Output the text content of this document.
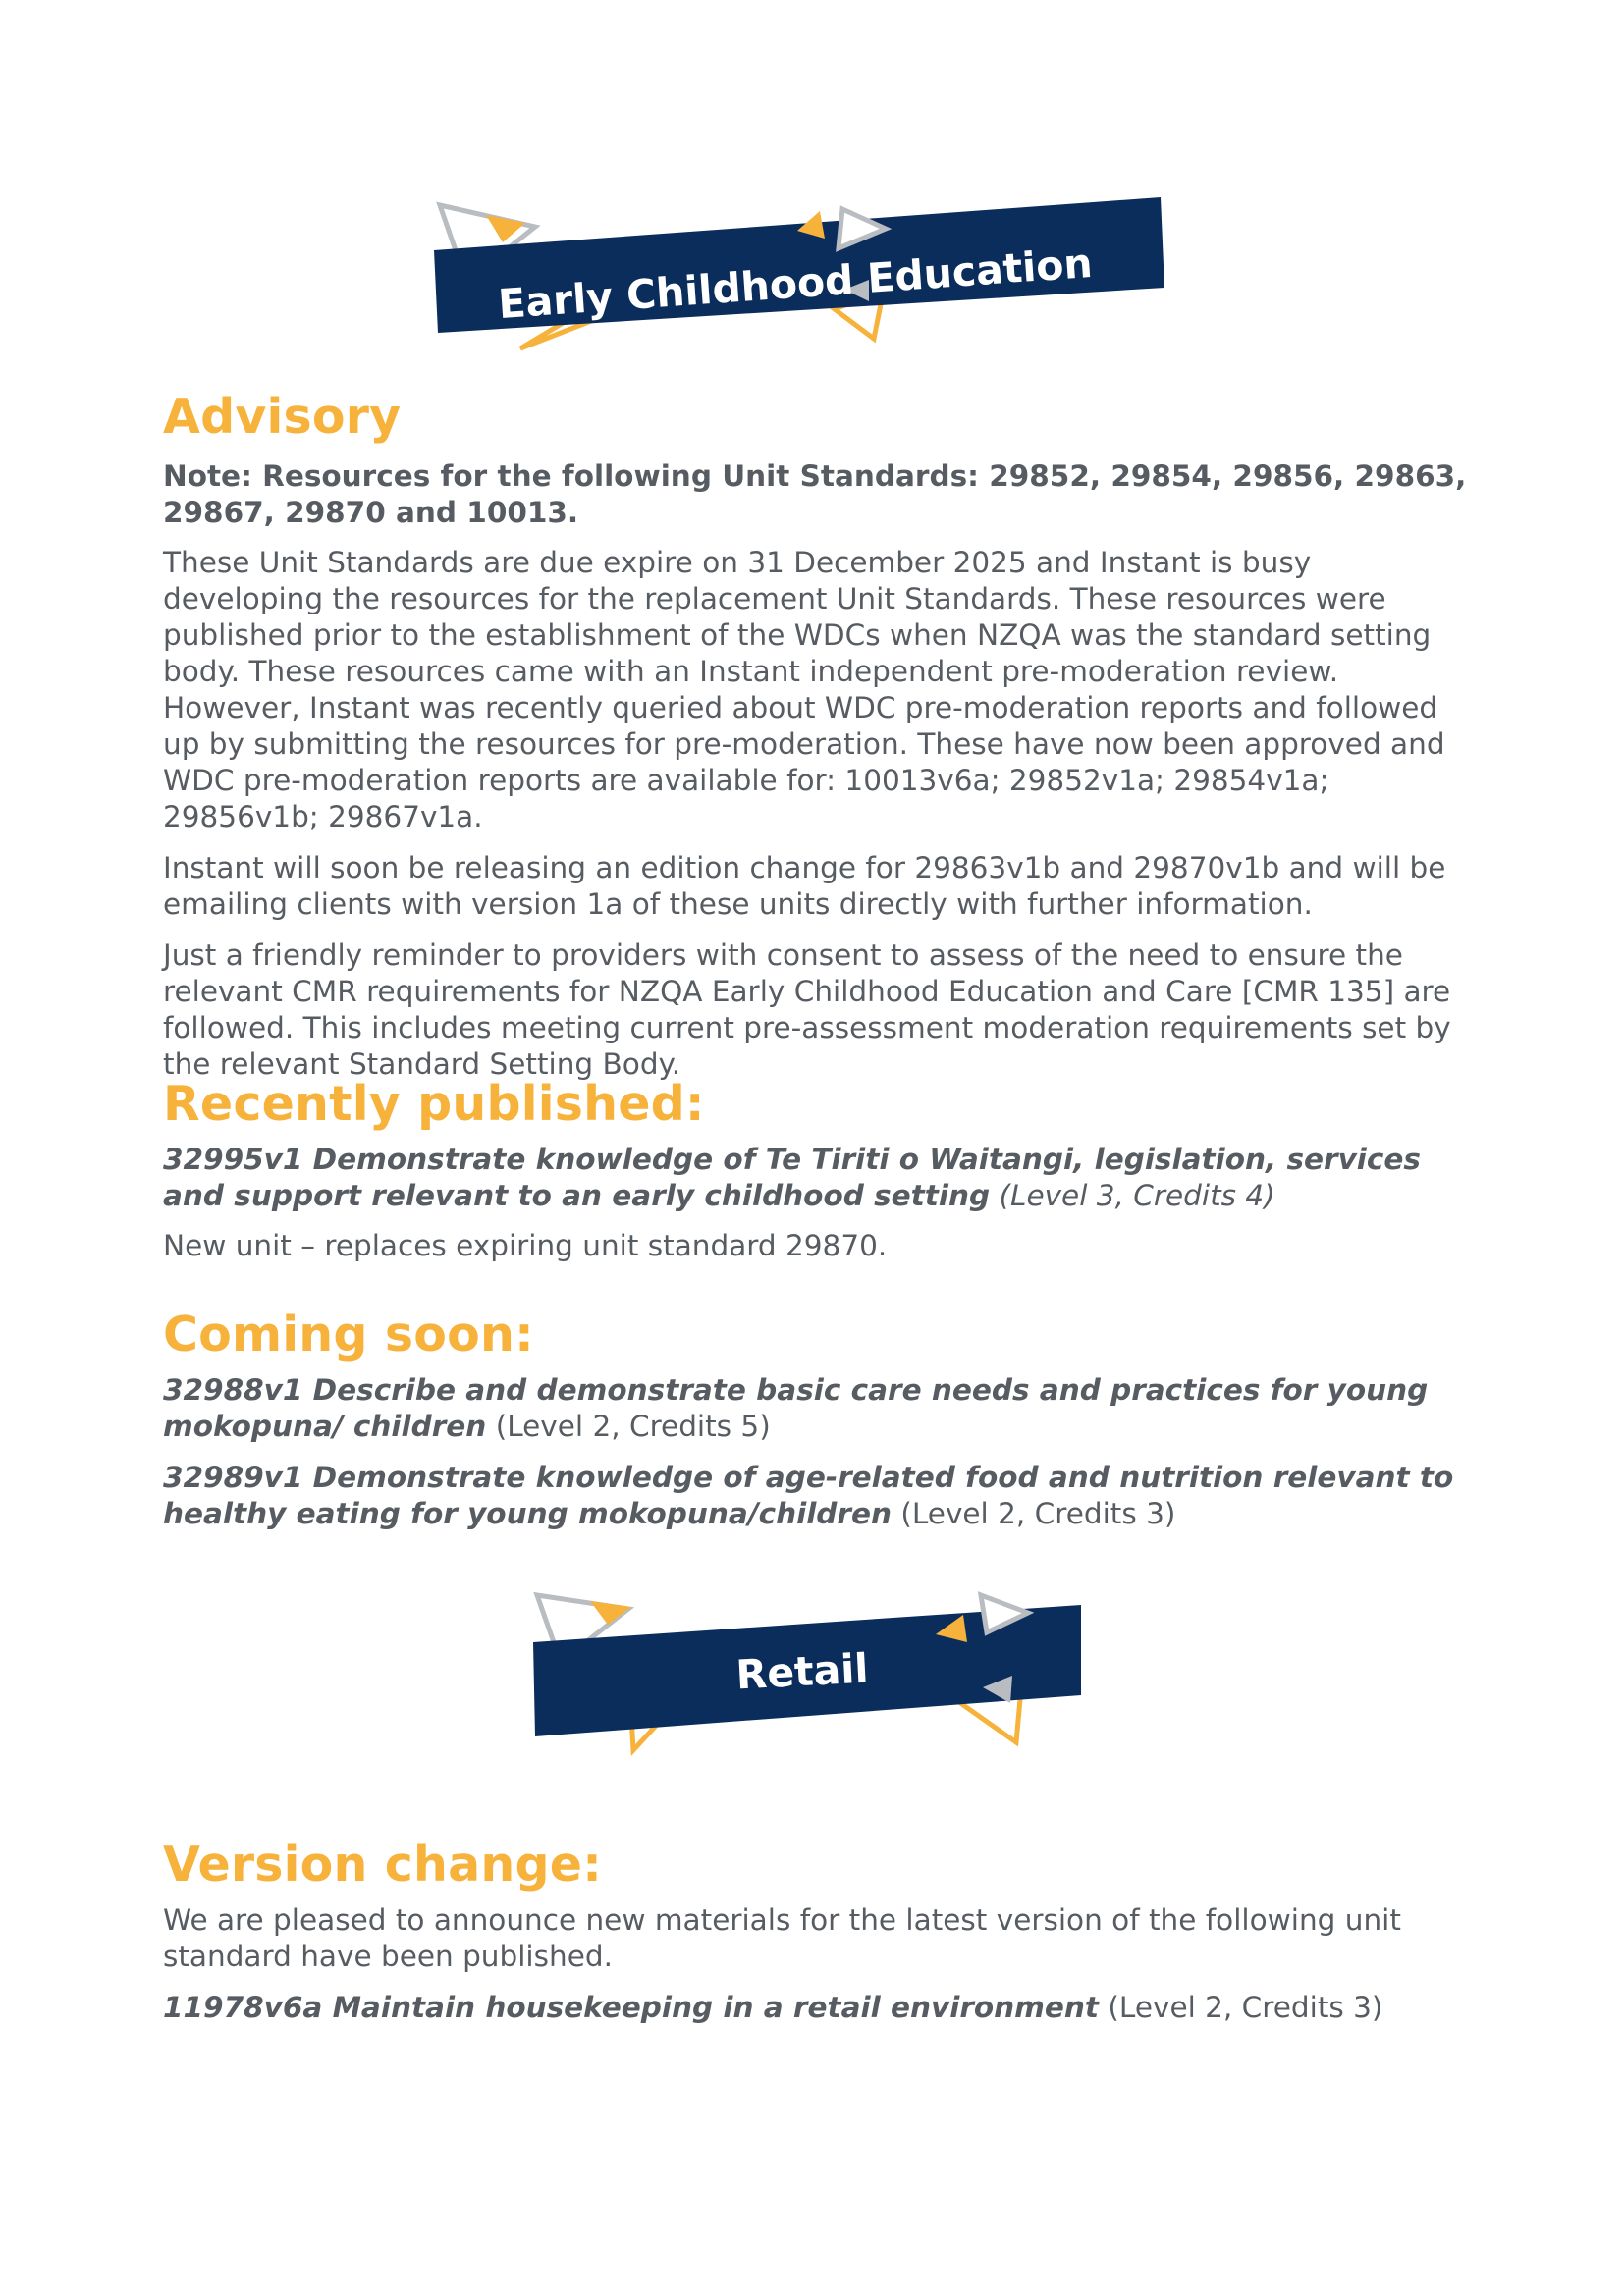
Early Childhood Education
Advisory
Note: Resources for the following Unit Standards: 29852, 29854, 29856, 29863, 29867, 29870 and 10013.

These Unit Standards are due expire on 31 December 2025 and Instant is busy developing the resources for the replacement Unit Standards. These resources were published prior to the establishment of the WDCs when NZQA was the standard setting body. These resources came with an Instant independent pre-moderation review. However, Instant was recently queried about WDC pre-moderation reports and followed up by submitting the resources for pre-moderation. These have now been approved and WDC pre-moderation reports are available for: 10013v6a; 29852v1a; 29854v1a; 29856v1b; 29867v1a.

Instant will soon be releasing an edition change for 29863v1b and 29870v1b and will be emailing clients with version 1a of these units directly with further information.

Just a friendly reminder to providers with consent to assess of the need to ensure the relevant CMR requirements for NZQA Early Childhood Education and Care [CMR 135] are followed. This includes meeting current pre-assessment moderation requirements set by the relevant Standard Setting Body.

Recently published:

32995v1 Demonstrate knowledge of Te Tiriti o Waitangi, legislation, services and support relevant to an early childhood setting (Level 3, Credits 4)

New unit – replaces expiring unit standard 29870.

Coming soon:

32988v1 Describe and demonstrate basic care needs and practices for young mokopuna/ children (Level 2, Credits 5)

32989v1 Demonstrate knowledge of age-related food and nutrition relevant to healthy eating for young mokopuna/children (Level 2, Credits 3)

Retail
Version change:

We are pleased to announce new materials for the latest version of the following unit standard have been published.

11978v6a Maintain housekeeping in a retail environment (Level 2, Credits 3)
